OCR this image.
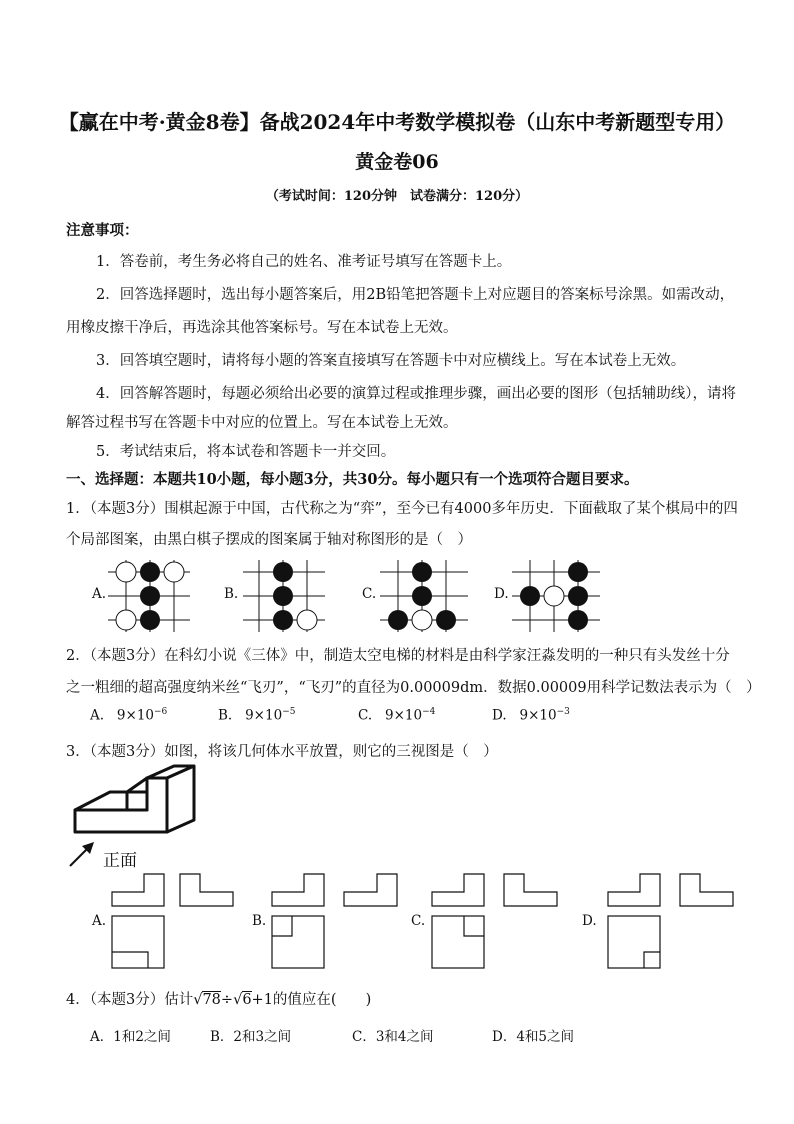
【赢在中考·黄金8卷】备战2024年中考数学模拟卷（山东中考新题型专用）
黄金卷06
（考试时间：120分钟　试卷满分：120分）
注意事项：
1．答卷前，考生务必将自己的姓名、准考证号填写在答题卡上。
2．回答选择题时，选出每小题答案后，用2B铅笔把答题卡上对应题目的答案标号涂黑。如需改动，
用橡皮擦干净后，再选涂其他答案标号。写在本试卷上无效。
3．回答填空题时，请将每小题的答案直接填写在答题卡中对应横线上。写在本试卷上无效。
4．回答解答题时，每题必须给出必要的演算过程或推理步骤，画出必要的图形（包括辅助线），请将
解答过程书写在答题卡中对应的位置上。写在本试卷上无效。
5．考试结束后，将本试卷和答题卡一并交回。
一、选择题：本题共10小题，每小题3分，共30分。每小题只有一个选项符合题目要求。
1．（本题3分）围棋起源于中国，古代称之为“弈”，至今已有4000多年历史．下面截取了某个棋局中的四
个局部图案，由黑白棋子摆成的图案属于轴对称图形的是（　）
A.	B.	C.	D.
2．（本题3分）在科幻小说《三体》中，制造太空电梯的材料是由科学家汪淼发明的一种只有头发丝十分
之一粗细的超高强度纳米丝“飞刃”，“飞刃”的直径为0.00009dm．数据0.00009用科学记数法表示为（　）
A. $9\times 10^{-6}$	B. $9\times 10^{-5}$	C. $9\times 10^{-4}$	D. $9\times 10^{-3}$
3．（本题3分）如图，将该几何体水平放置，则它的三视图是（　）
正面
A.	B.	C.	D.
4．（本题3分）估计√78÷√6+1的值应在(　　)
A．1和2之间	B．2和3之间	C．3和4之间	D．4和5之间
